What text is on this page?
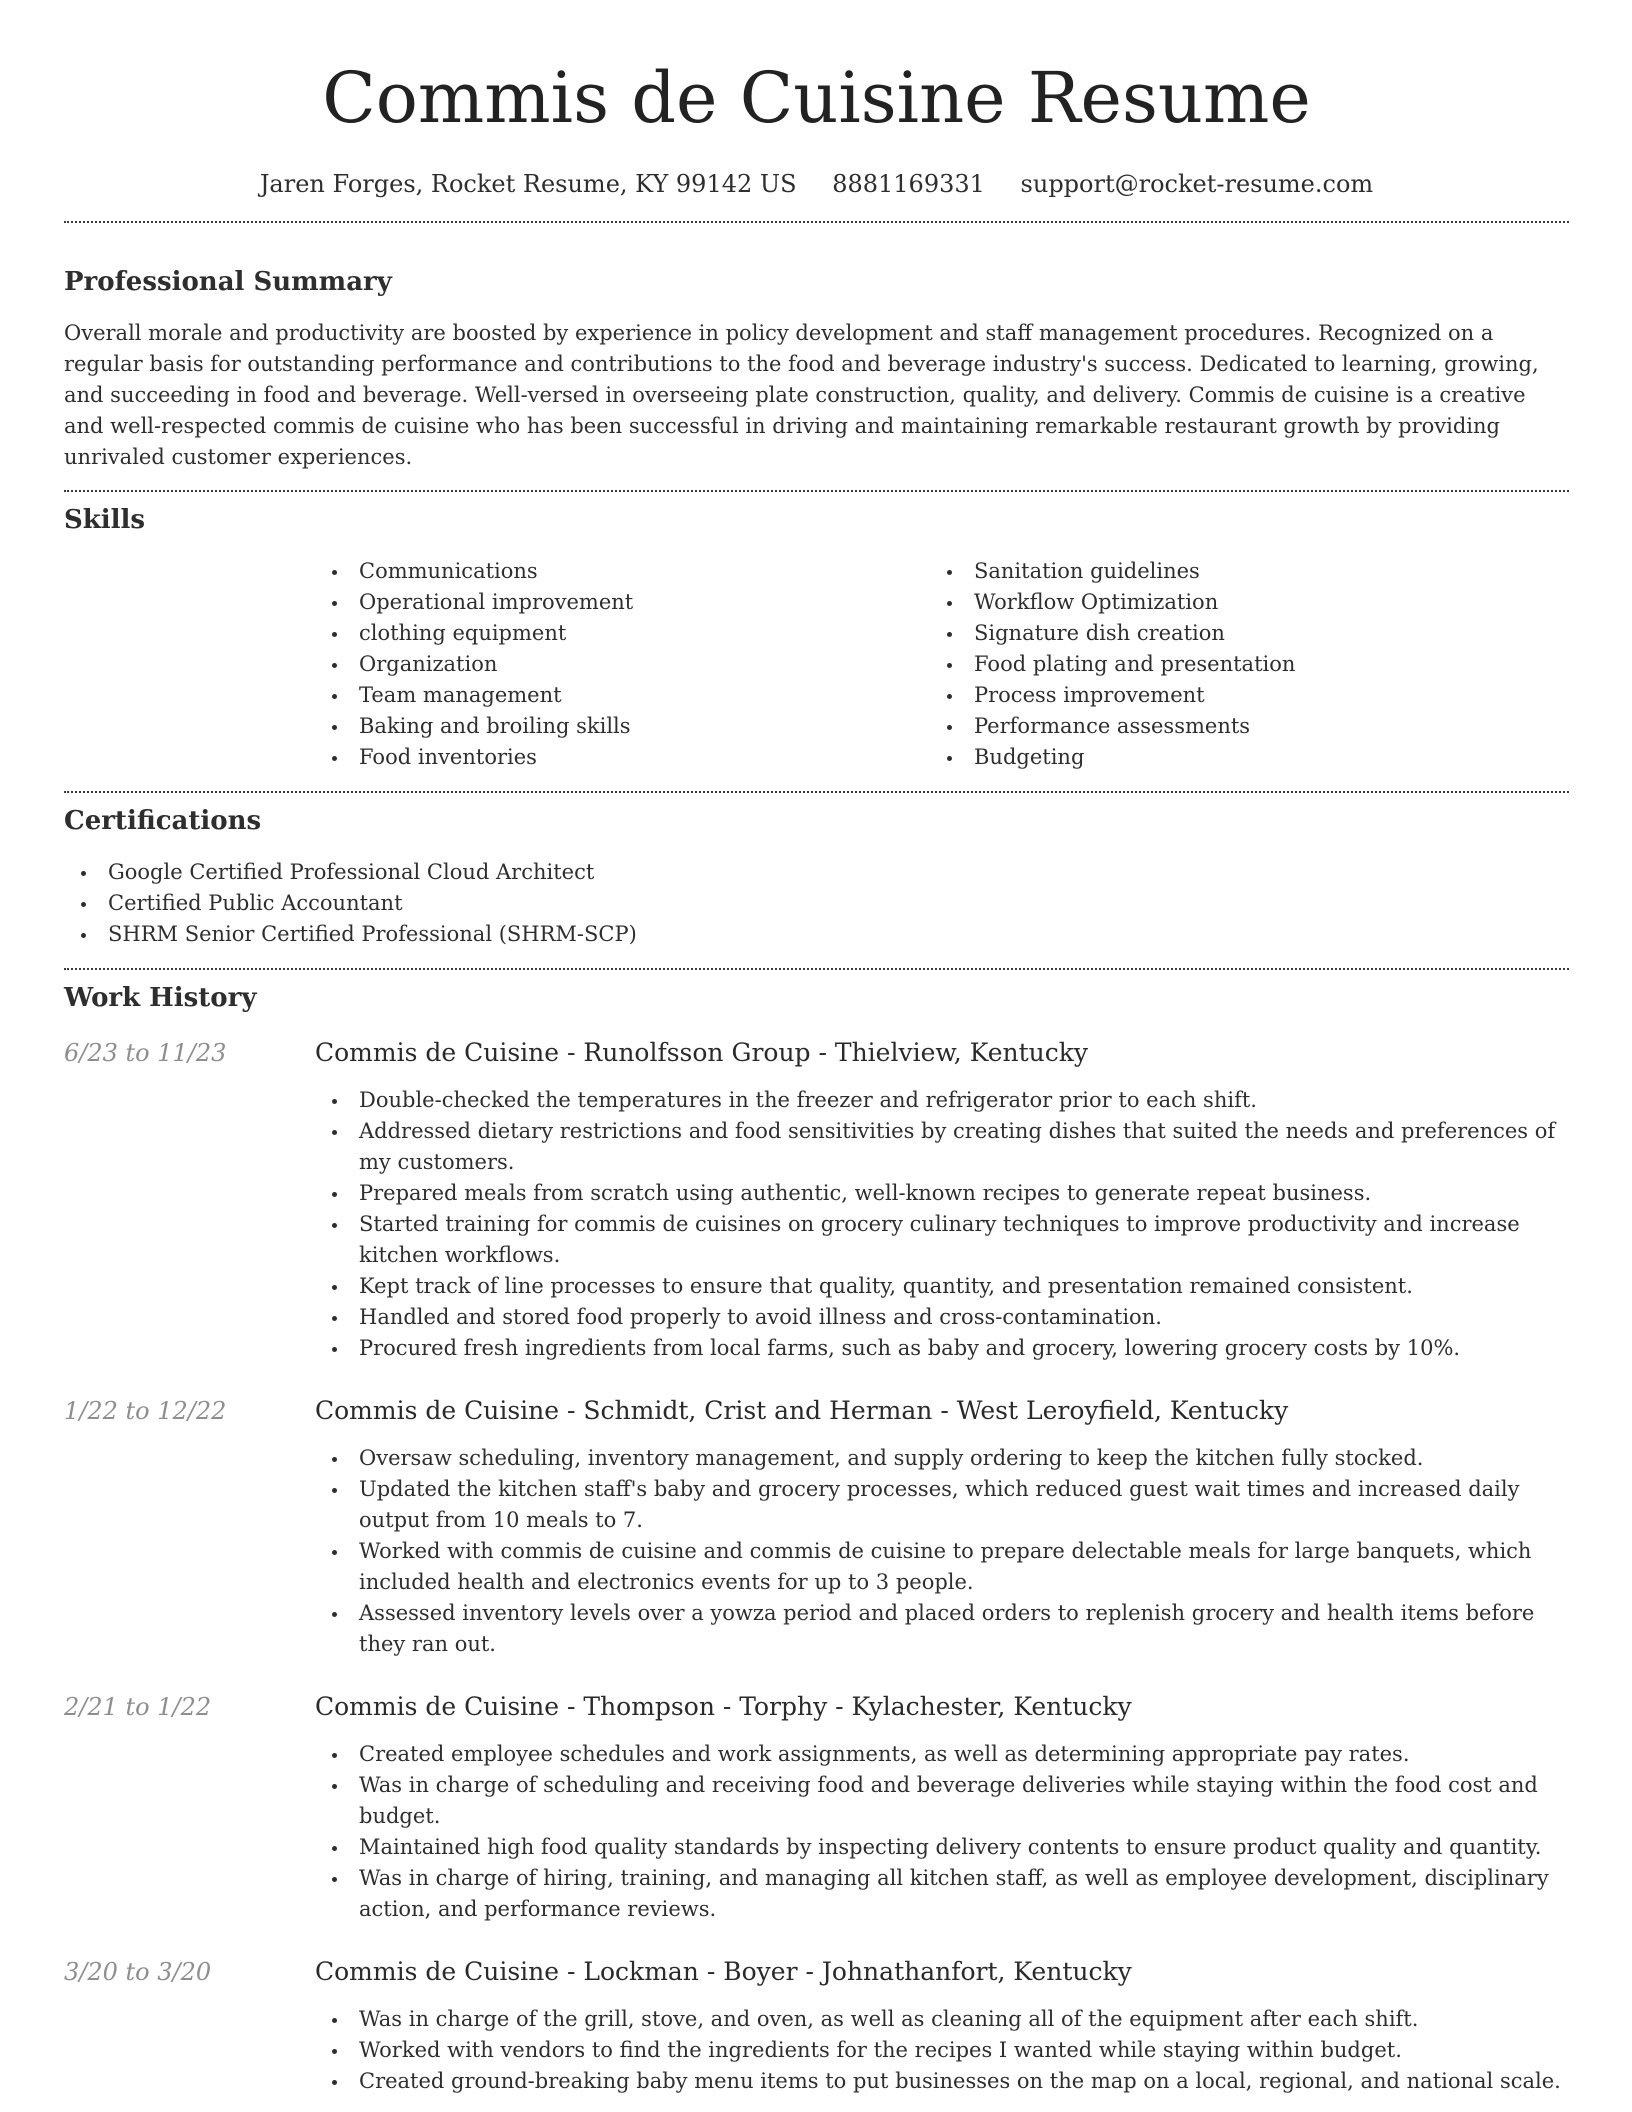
Commis de Cuisine Resume
Jaren Forges, Rocket Resume, KY 99142 US 8881169331 support@rocket-resume.com
Professional Summary

Overall morale and productivity are boosted by experience in policy development and staff management procedures. Recognized on a regular basis for outstanding performance and contributions to the food and beverage industry's success. Dedicated to learning, growing, and succeeding in food and beverage. Well-versed in overseeing plate construction, quality, and delivery. Commis de cuisine is a creative and well-respected commis de cuisine who has been successful in driving and maintaining remarkable restaurant growth by providing unrivaled customer experiences.

Skills
Communications
Operational improvement
clothing equipment
Organization
Team management
Baking and broiling skills
Food inventories
Sanitation guidelines
Workflow Optimization
Signature dish creation
Food plating and presentation
Process improvement
Performance assessments
Budgeting
Certifications
Google Certified Professional Cloud Architect
Certified Public Accountant
SHRM Senior Certified Professional (SHRM-SCP)
Work History
6/23 to 11/23	Commis de Cuisine - Runolfsson Group - Thielview, Kentucky
Double-checked the temperatures in the freezer and refrigerator prior to each shift.
Addressed dietary restrictions and food sensitivities by creating dishes that suited the needs and preferences of my customers.
Prepared meals from scratch using authentic, well-known recipes to generate repeat business.
Started training for commis de cuisines on grocery culinary techniques to improve productivity and increase kitchen workflows.
Kept track of line processes to ensure that quality, quantity, and presentation remained consistent.
Handled and stored food properly to avoid illness and cross-contamination.
Procured fresh ingredients from local farms, such as baby and grocery, lowering grocery costs by 10%.
1/22 to 12/22	Commis de Cuisine - Schmidt, Crist and Herman - West Leroyfield, Kentucky
Oversaw scheduling, inventory management, and supply ordering to keep the kitchen fully stocked.
Updated the kitchen staff's baby and grocery processes, which reduced guest wait times and increased daily output from 10 meals to 7.
Worked with commis de cuisine and commis de cuisine to prepare delectable meals for large banquets, which included health and electronics events for up to 3 people.
Assessed inventory levels over a yowza period and placed orders to replenish grocery and health items before they ran out.
2/21 to 1/22	Commis de Cuisine - Thompson - Torphy - Kylachester, Kentucky
Created employee schedules and work assignments, as well as determining appropriate pay rates.
Was in charge of scheduling and receiving food and beverage deliveries while staying within the food cost and budget.
Maintained high food quality standards by inspecting delivery contents to ensure product quality and quantity.
Was in charge of hiring, training, and managing all kitchen staff, as well as employee development, disciplinary action, and performance reviews.
3/20 to 3/20	Commis de Cuisine - Lockman - Boyer - Johnathanfort, Kentucky
Was in charge of the grill, stove, and oven, as well as cleaning all of the equipment after each shift.
Worked with vendors to find the ingredients for the recipes I wanted while staying within budget.
Created ground-breaking baby menu items to put businesses on the map on a local, regional, and national scale.
